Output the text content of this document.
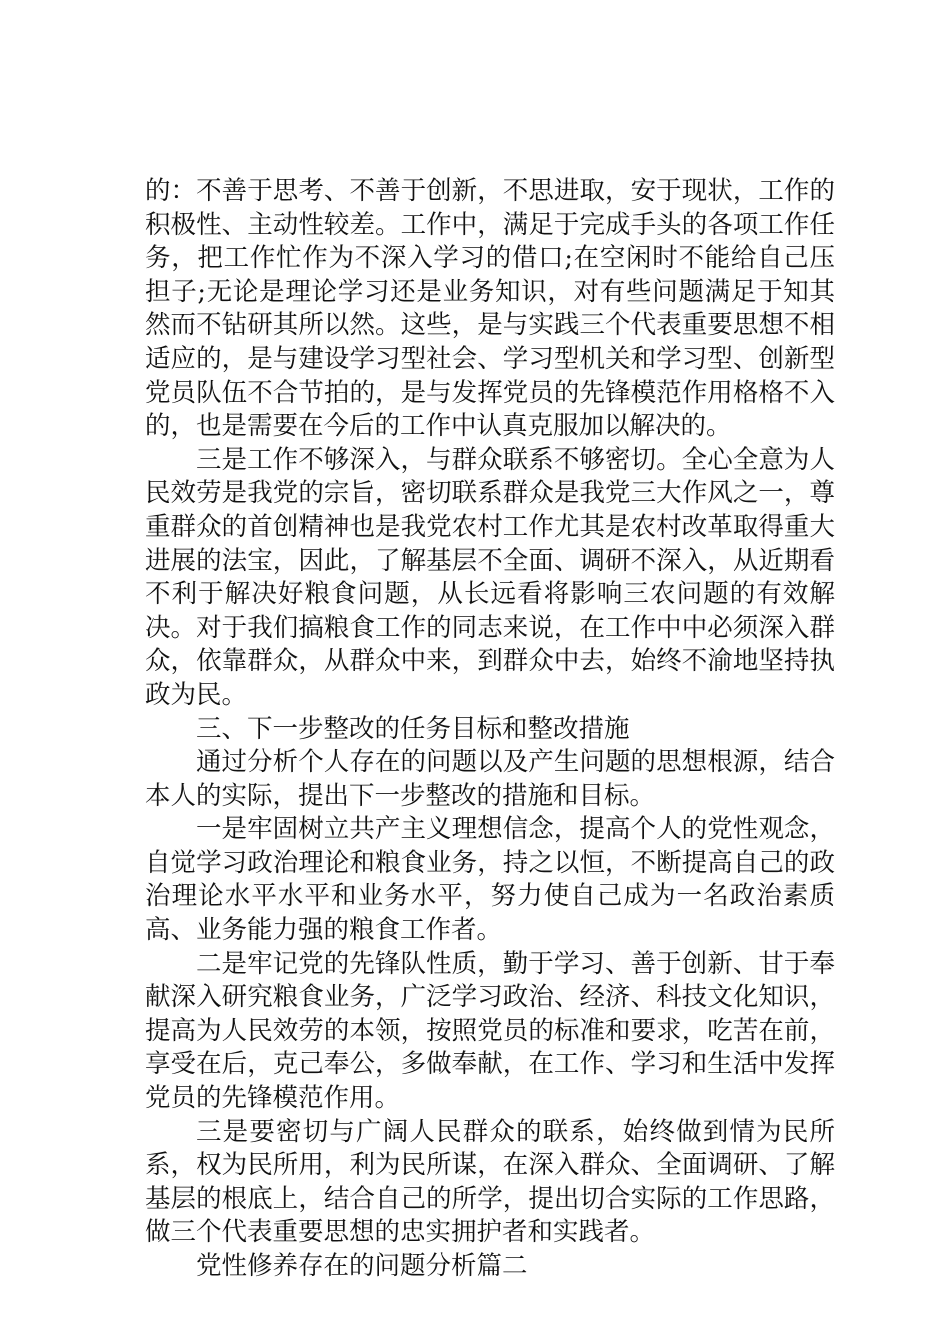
的：不善于思考、不善于创新，不思进取，安于现状，工作的积极性、主动性较差。工作中，满足于完成手头的各项工作任务，把工作忙作为不深入学习的借口;在空闲时不能给自己压担子;无论是理论学习还是业务知识，对有些问题满足于知其然而不钻研其所以然。这些，是与实践三个代表重要思想不相适应的，是与建设学习型社会、学习型机关和学习型、创新型党员队伍不合节拍的，是与发挥党员的先锋模范作用格格不入的，也是需要在今后的工作中认真克服加以解决的。

三是工作不够深入，与群众联系不够密切。全心全意为人民效劳是我党的宗旨，密切联系群众是我党三大作风之一，尊重群众的首创精神也是我党农村工作尤其是农村改革取得重大进展的法宝，因此，了解基层不全面、调研不深入，从近期看不利于解决好粮食问题，从长远看将影响三农问题的有效解决。对于我们搞粮食工作的同志来说，在工作中中必须深入群众，依靠群众，从群众中来，到群众中去，始终不渝地坚持执政为民。

三、下一步整改的任务目标和整改措施

通过分析个人存在的问题以及产生问题的思想根源，结合本人的实际，提出下一步整改的措施和目标。

一是牢固树立共产主义理想信念，提高个人的党性观念，自觉学习政治理论和粮食业务，持之以恒，不断提高自己的政治理论水平水平和业务水平，努力使自己成为一名政治素质高、业务能力强的粮食工作者。

二是牢记党的先锋队性质，勤于学习、善于创新、甘于奉献深入研究粮食业务，广泛学习政治、经济、科技文化知识，提高为人民效劳的本领，按照党员的标准和要求，吃苦在前，享受在后，克己奉公，多做奉献，在工作、学习和生活中发挥党员的先锋模范作用。

三是要密切与广阔人民群众的联系，始终做到情为民所系，权为民所用，利为民所谋，在深入群众、全面调研、了解基层的根底上，结合自己的所学，提出切合实际的工作思路，做三个代表重要思想的忠实拥护者和实践者。

党性修养存在的问题分析篇二
